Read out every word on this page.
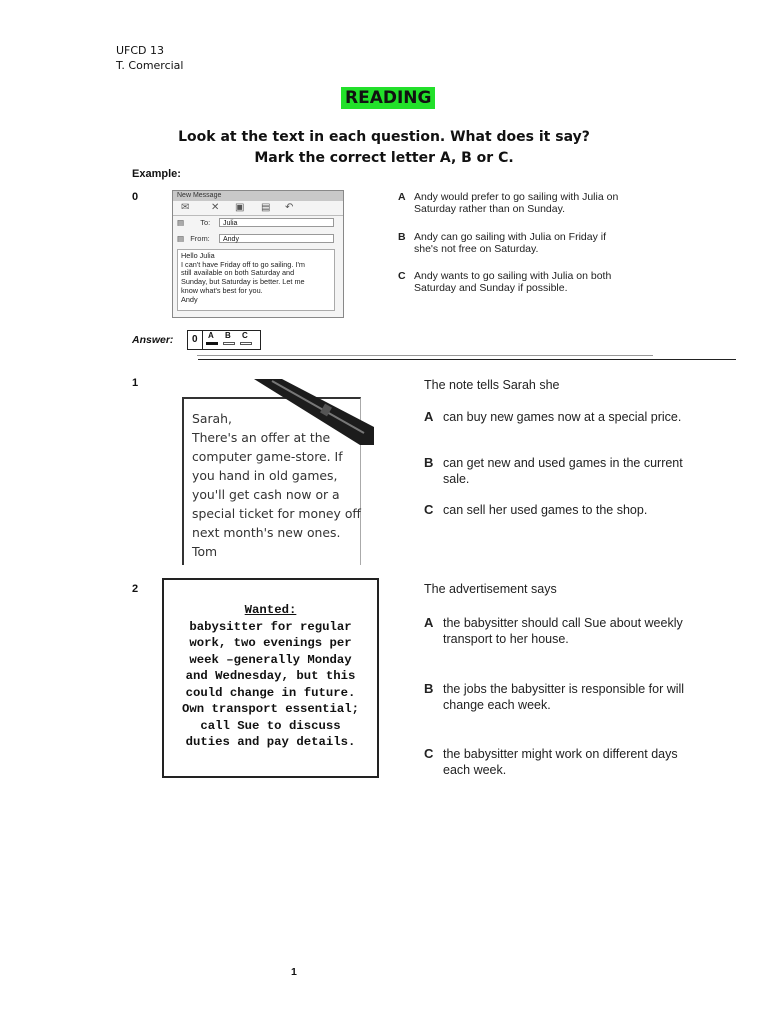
UFCD 13
T. Comercial
READING
Look at the text in each question. What does it say?
Mark the correct letter A, B or C.
Example:
0	New Message
✉ ✕ ▣ ▤ ↶
▤ To:	Julia
▤ From:	Andy
Hello Julia
I can't have Friday off to go sailing. I'm
still available on both Saturday and
Sunday, but Saturday is better. Let me
know what's best for you.
Andy
A Andy would prefer to go sailing with Julia on
Saturday rather than on Sunday.
B Andy can go sailing with Julia on Friday if
she's not free on Saturday.
C Andy wants to go sailing with Julia on both
Saturday and Sunday if possible.
Answer: 0 A B C
1
Sarah,
There's an offer at the
computer game-store. If
you hand in old games,
you'll get cash now or a
special ticket for money off
next month's new ones.
Tom
The note tells Sarah she
A can buy new games now at a special price.
B can get new and used games in the current
sale.
C can sell her used games to the shop.
2
Wanted:
babysitter for regular
work, two evenings per
week –generally Monday
and Wednesday, but this
could change in future.
Own transport essential;
call Sue to discuss
duties and pay details.
The advertisement says
A the babysitter should call Sue about weekly
transport to her house.
B the jobs the babysitter is responsible for will
change each week.
C the babysitter might work on different days
each week.
1
